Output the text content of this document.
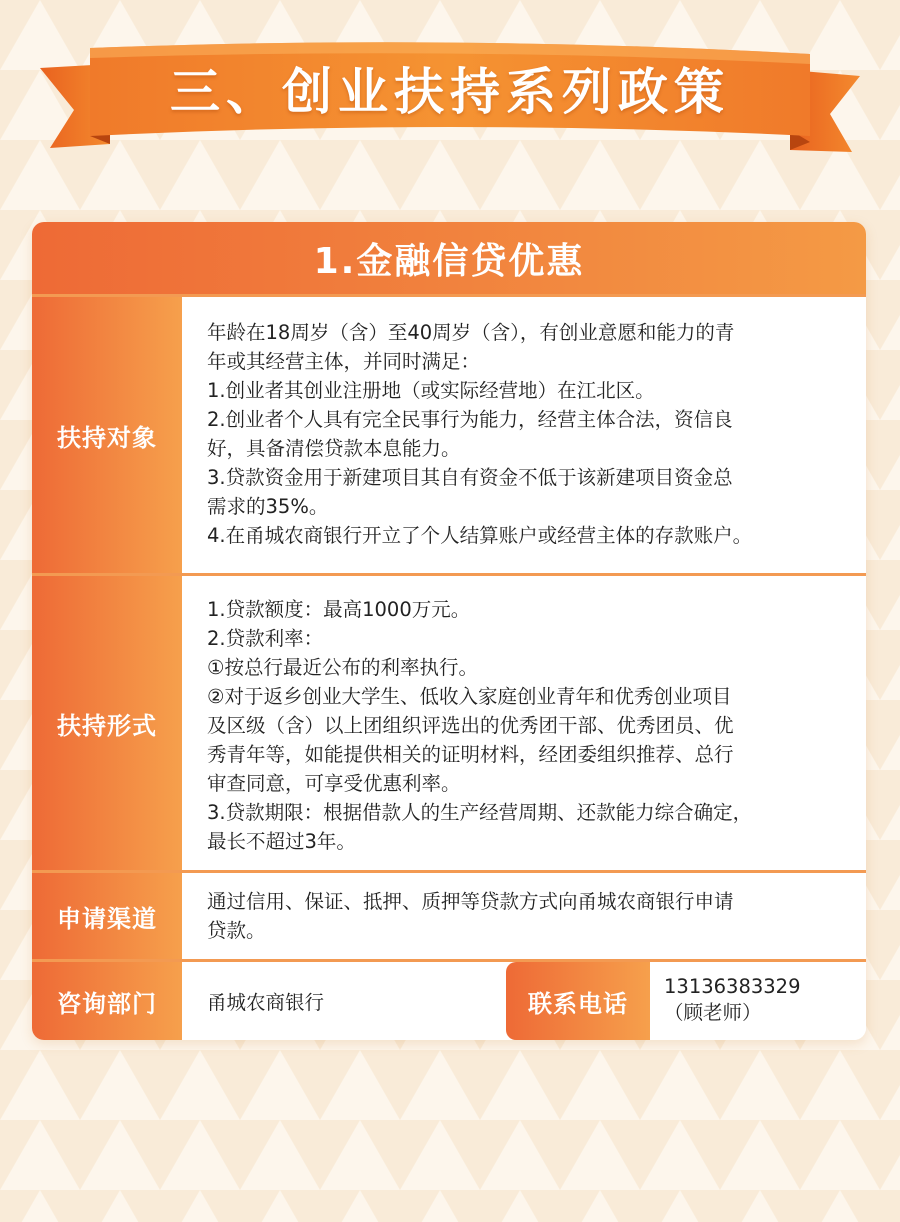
三、创业扶持系列政策
1.金融信贷优惠
扶持对象
年龄在18周岁（含）至40周岁（含），有创业意愿和能力的青
年或其经营主体，并同时满足：
1.创业者其创业注册地（或实际经营地）在江北区。
2.创业者个人具有完全民事行为能力，经营主体合法，资信良
好，具备清偿贷款本息能力。
3.贷款资金用于新建项目其自有资金不低于该新建项目资金总
需求的35%。
4.在甬城农商银行开立了个人结算账户或经营主体的存款账户。
扶持形式
1.贷款额度：最高1000万元。
2.贷款利率：
①按总行最近公布的利率执行。
②对于返乡创业大学生、低收入家庭创业青年和优秀创业项目
及区级（含）以上团组织评选出的优秀团干部、优秀团员、优
秀青年等，如能提供相关的证明材料，经团委组织推荐、总行
审查同意，可享受优惠利率。
3.贷款期限：根据借款人的生产经营周期、还款能力综合确定，
最长不超过3年。
申请渠道
通过信用、保证、抵押、质押等贷款方式向甬城农商银行申请
贷款。
咨询部门	甬城农商银行	联系电话
13136383329
（顾老师）
